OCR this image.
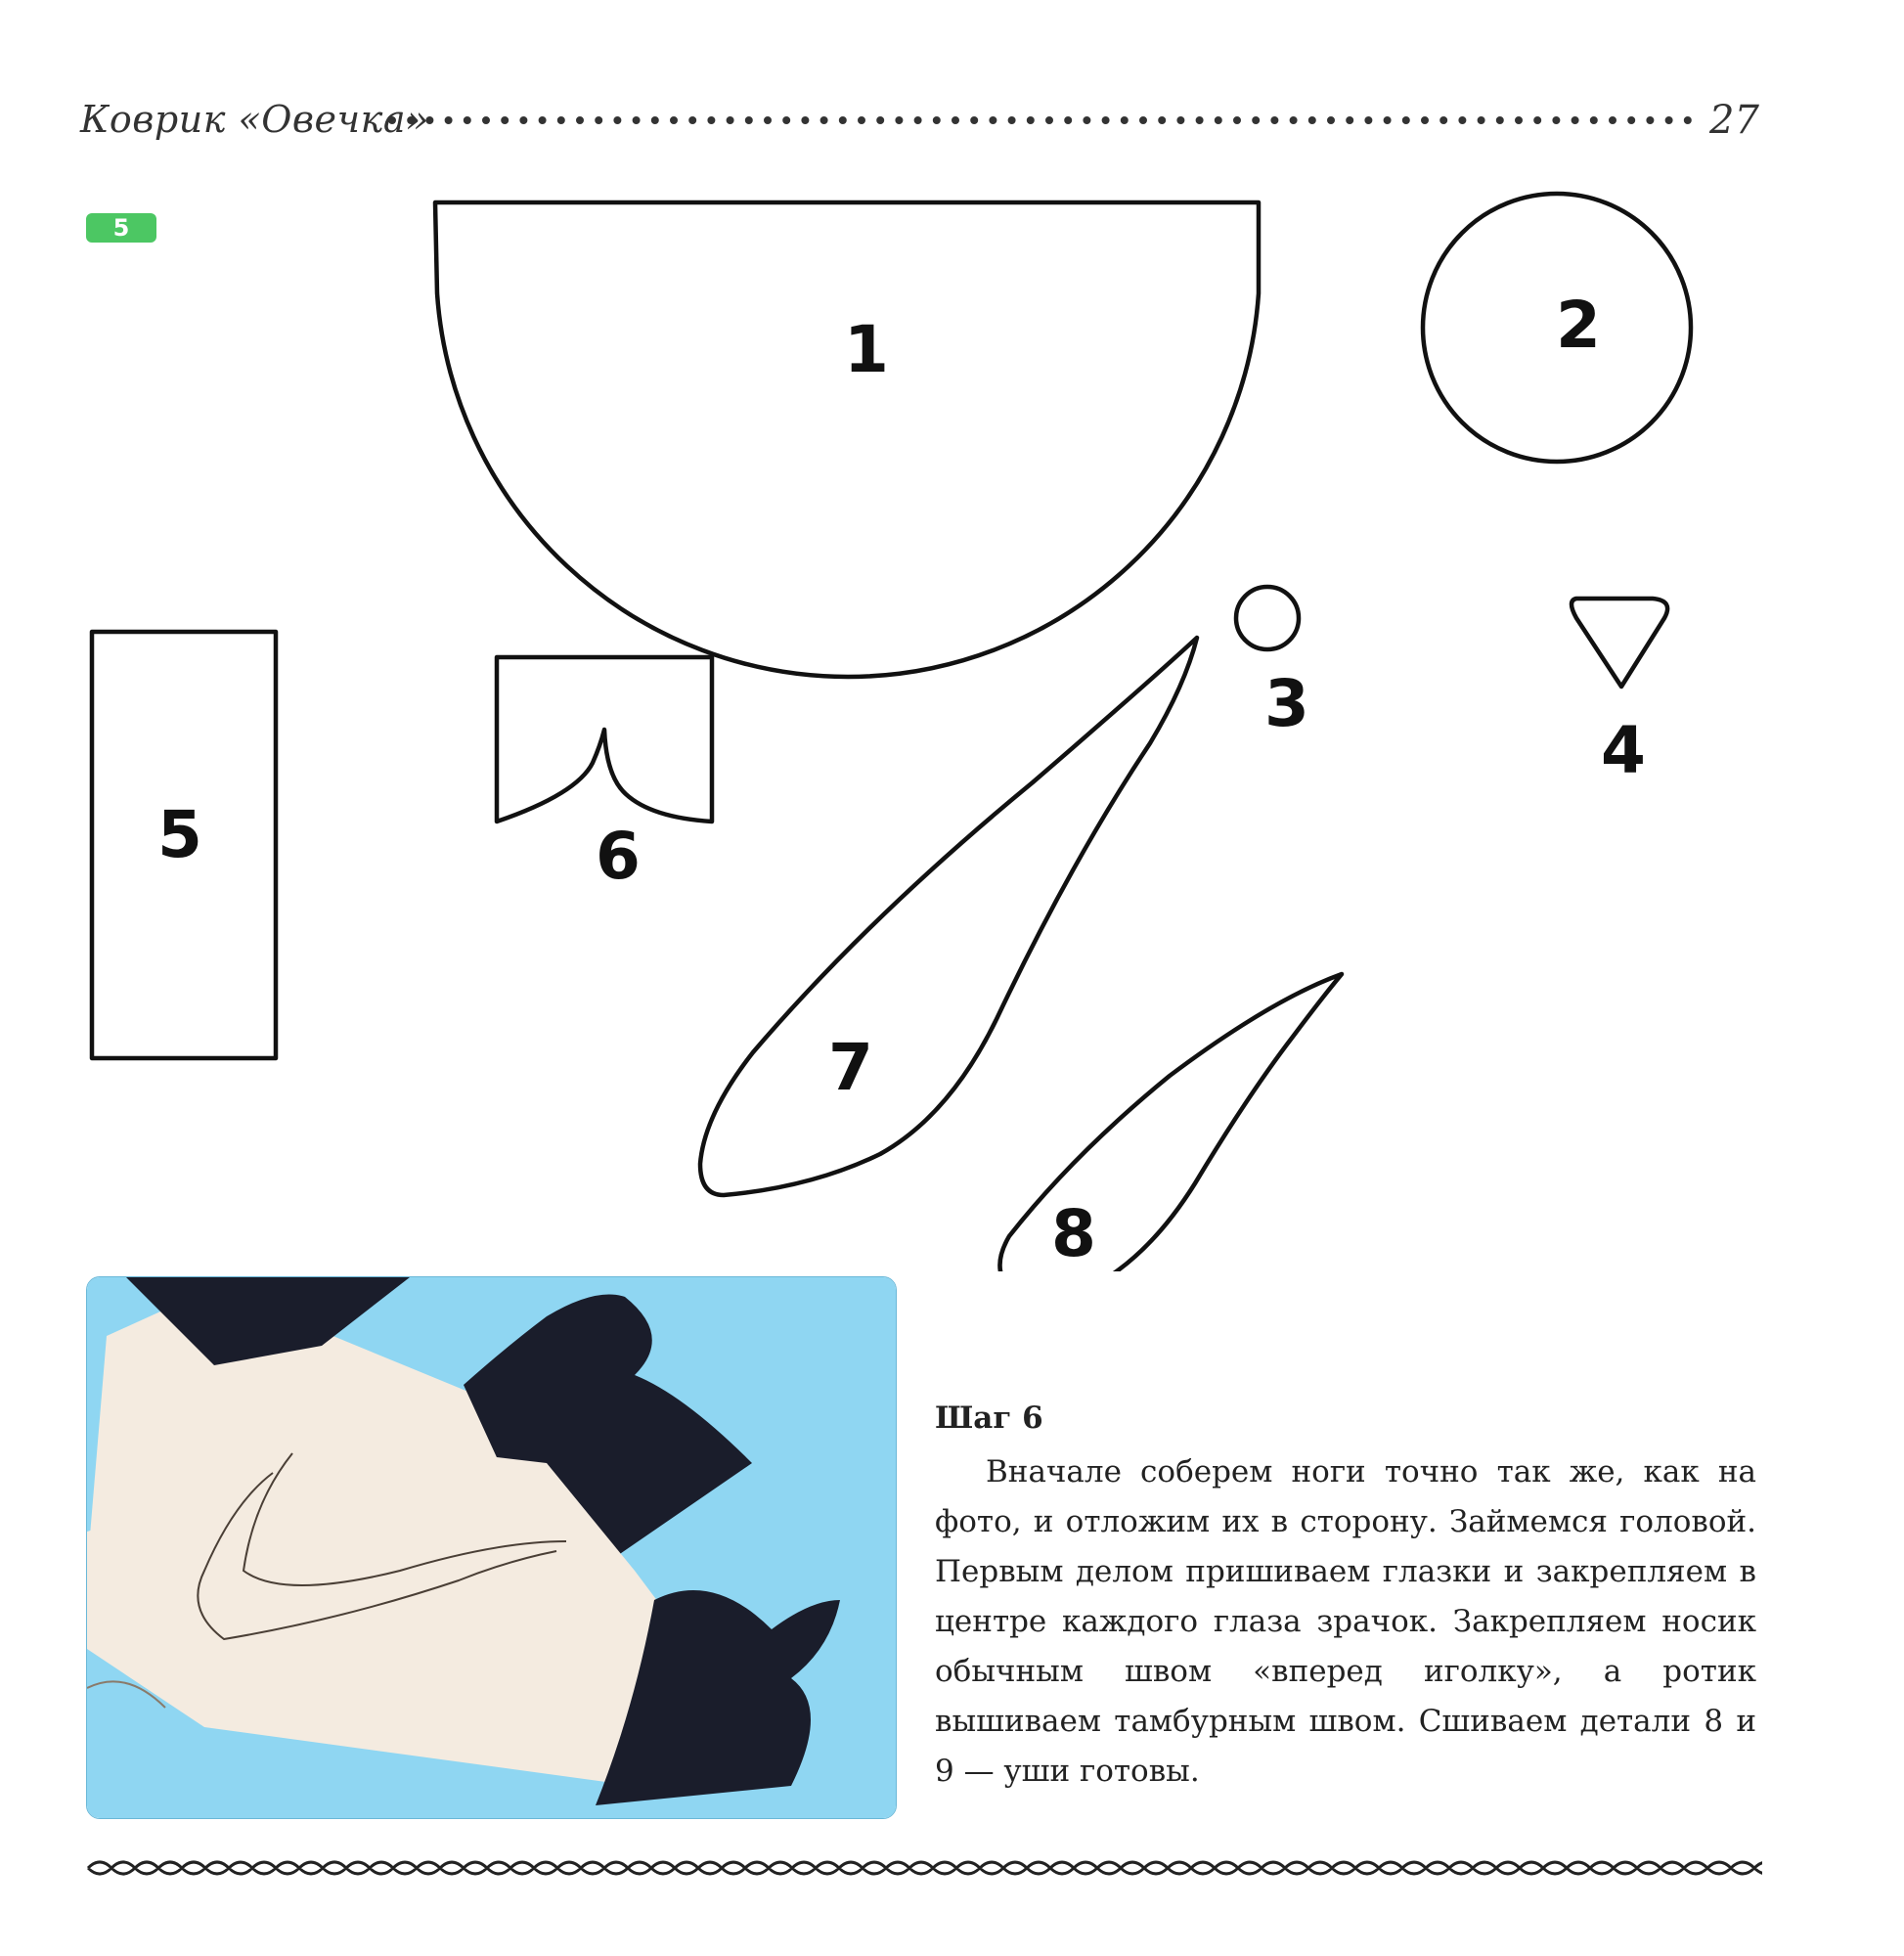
Коврик «Овечка»	27
5
1	2
3
4
5	6
7
8
Шаг 6
Вначале соберем ноги точно так же, как на фото, и отложим их в сторону. Займемся головой. Первым делом пришиваем глазки и закрепляем в центре каждого глаза зрачок. Закрепляем носик обычным швом «вперед иголку», а ротик вышиваем тамбурным швом. Сшиваем детали 8 и 9 — уши готовы.
